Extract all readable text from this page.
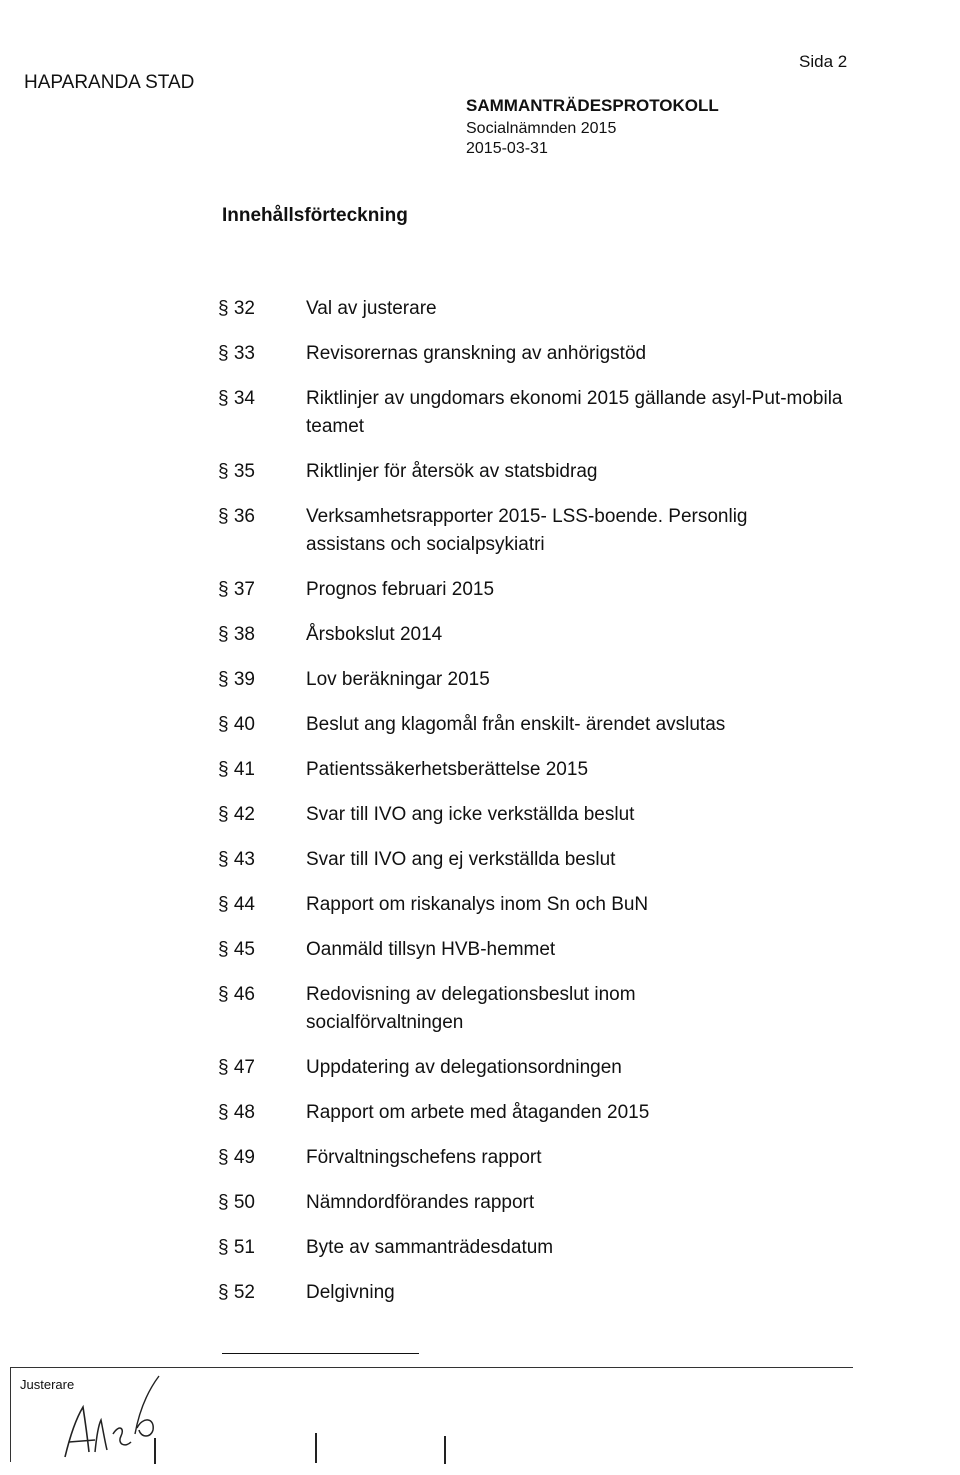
HAPARANDA STAD
Sida 2
SAMMANTRÄDESPROTOKOLL
Socialnämnden 2015
2015-03-31
Innehållsförteckning
§ 32	Val av justerare
§ 33	Revisorernas granskning av anhörigstöd
§ 34	Riktlinjer av ungdomars ekonomi 2015 gällande asyl-Put-mobila teamet
§ 35	Riktlinjer för återsök av statsbidrag
§ 36	Verksamhetsrapporter 2015- LSS-boende. Personlig assistans och socialpsykiatri
§ 37	Prognos februari 2015
§ 38	Årsbokslut 2014
§ 39	Lov beräkningar 2015
§ 40	Beslut ang klagomål från enskilt- ärendet avslutas
§ 41	Patientssäkerhetsberättelse 2015
§ 42	Svar till IVO ang icke verkställda beslut
§ 43	Svar till IVO ang ej verkställda beslut
§ 44	Rapport om riskanalys inom Sn och BuN
§ 45	Oanmäld tillsyn HVB-hemmet
§ 46	Redovisning av delegationsbeslut inom socialförvaltningen
§ 47	Uppdatering av delegationsordningen
§ 48	Rapport om arbete med åtaganden 2015
§ 49	Förvaltningschefens rapport
§ 50	Nämndordförandes rapport
§ 51	Byte av sammanträdesdatum
§ 52	Delgivning
Justerare
